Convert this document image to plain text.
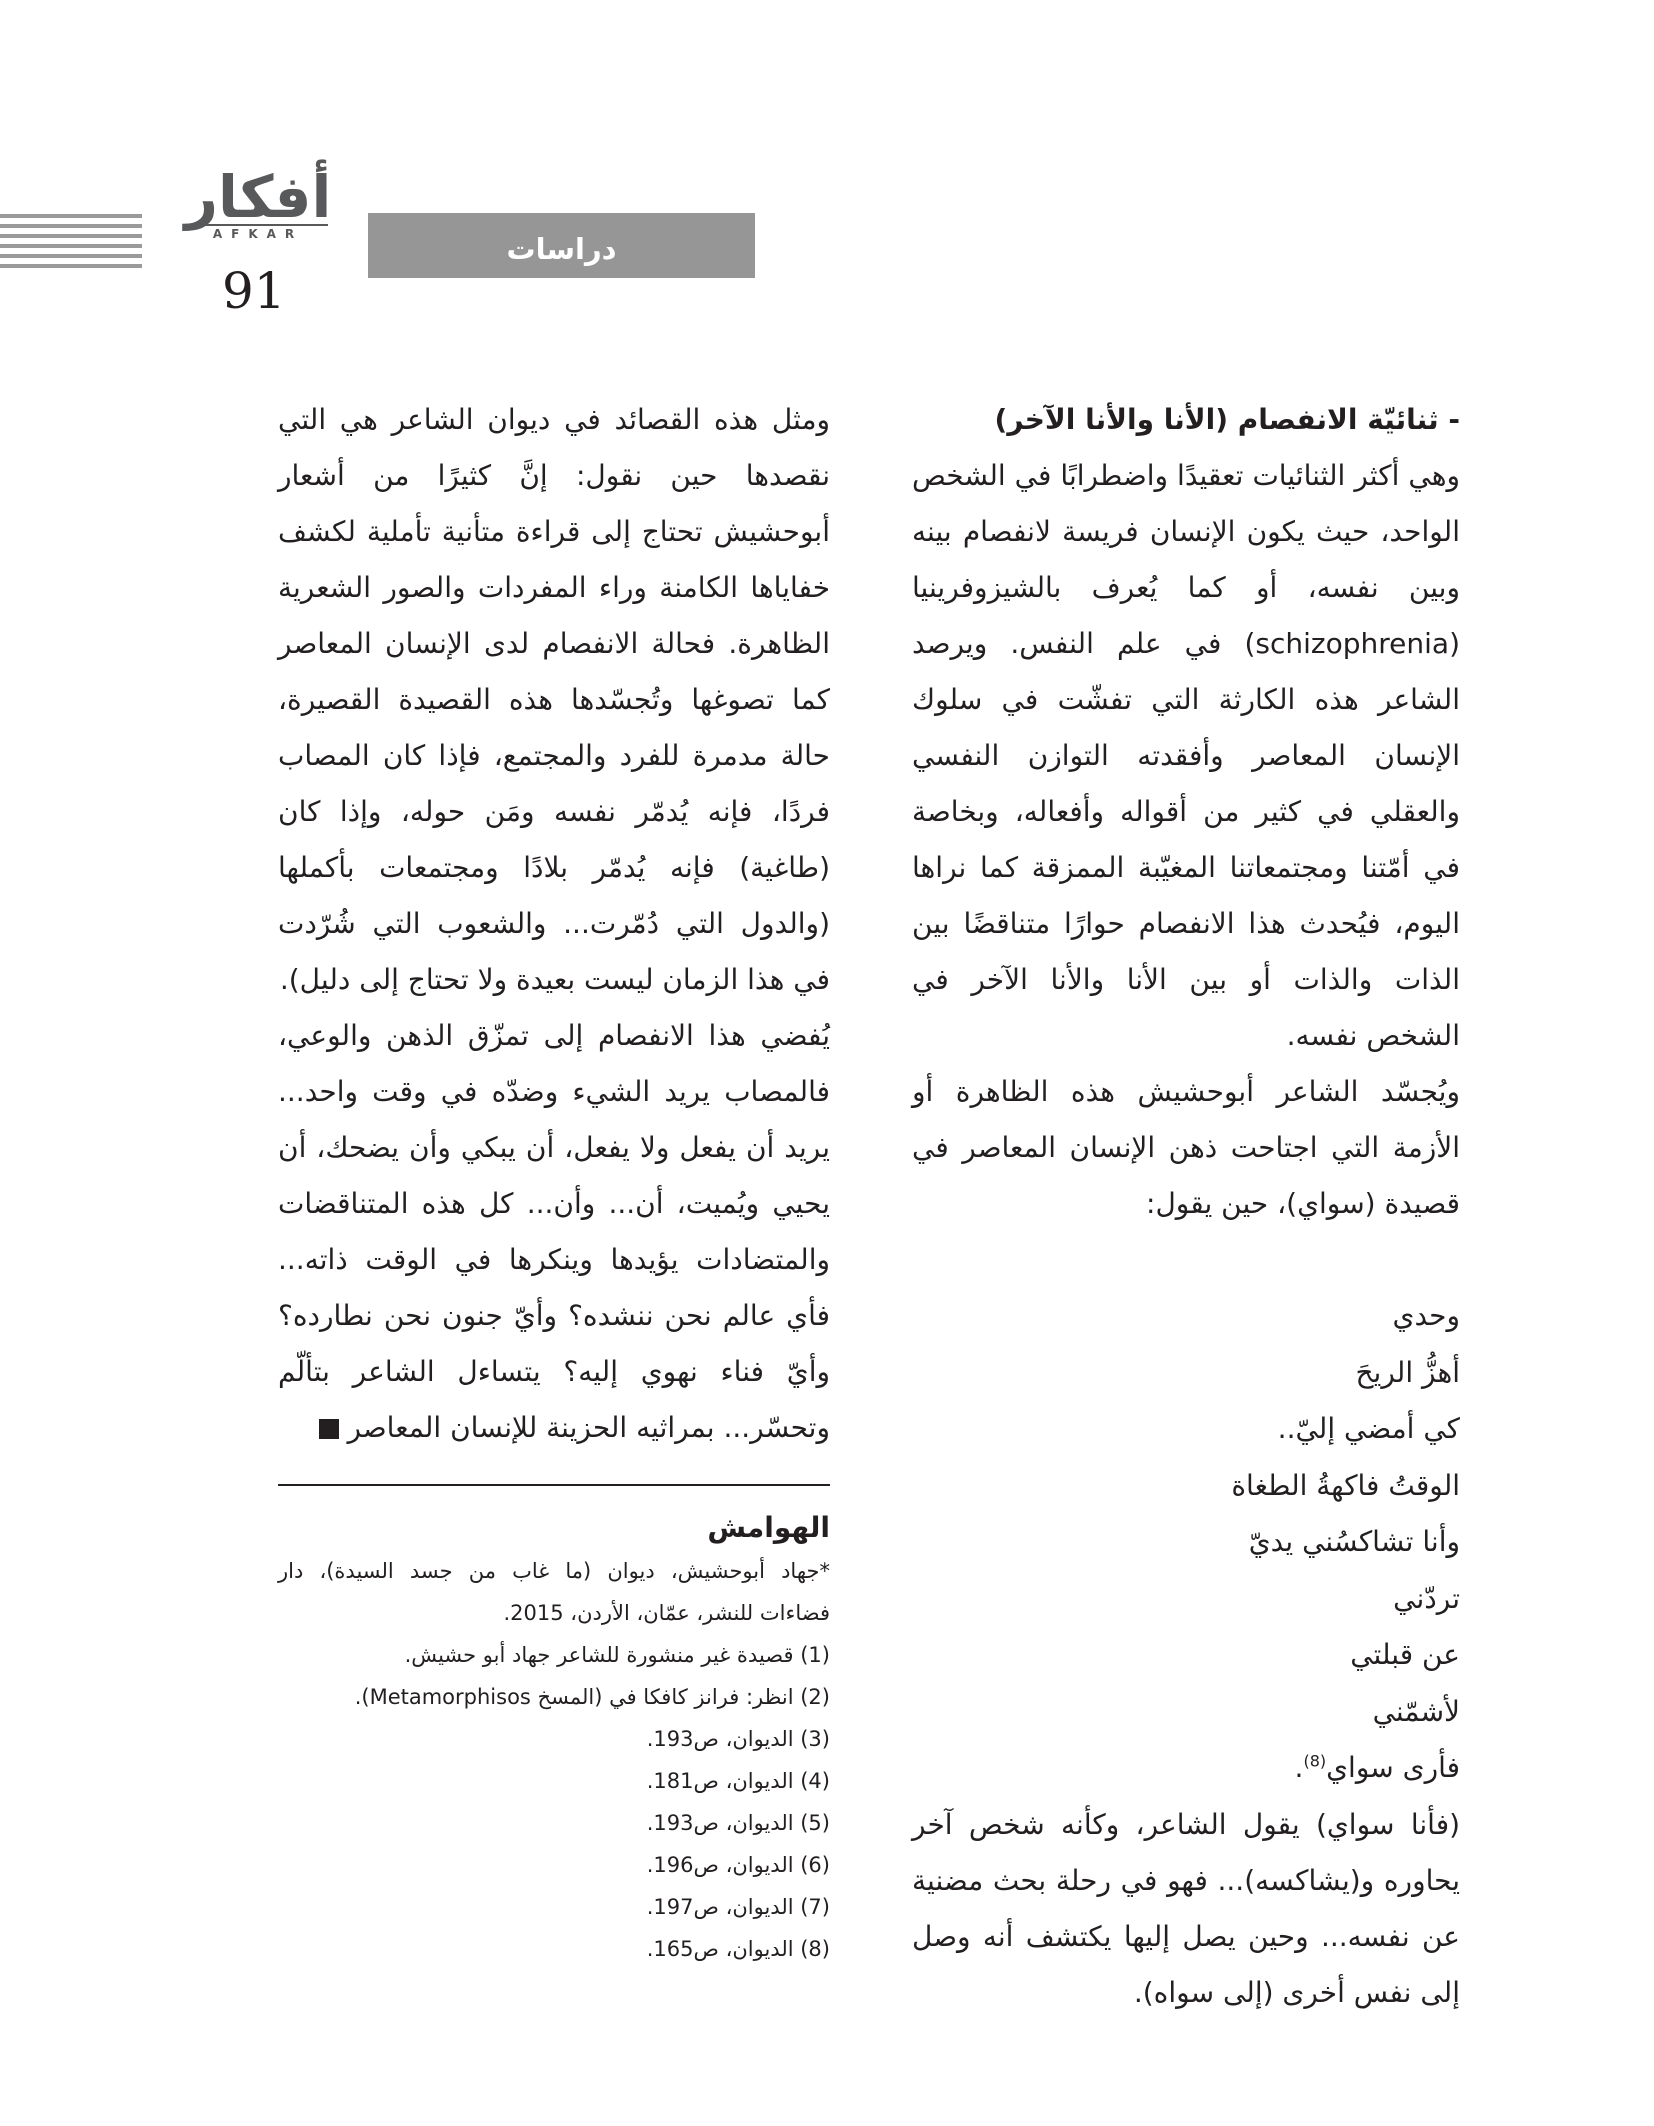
أفكار
AFKAR
91
دراسات

- ثنائيّة الانفصام (الأنا والأنا الآخر)

وهي أكثر الثنائيات تعقيدًا واضطرابًا في الشخص الواحد، حيث يكون الإنسان فريسة لانفصام بينه وبين نفسه، أو كما يُعرف بالشيزوفرينيا (schizophrenia) في علم النفس. ويرصد الشاعر هذه الكارثة التي تفشّت في سلوك الإنسان المعاصر وأفقدته التوازن النفسي والعقلي في كثير من أقواله وأفعاله، وبخاصة في أمّتنا ومجتمعاتنا المغيّبة الممزقة كما نراها اليوم، فيُحدث هذا الانفصام حوارًا متناقضًا بين الذات والذات أو بين الأنا والأنا الآخر في الشخص نفسه.

ويُجسّد الشاعر أبوحشيش هذه الظاهرة أو الأزمة التي اجتاحت ذهن الإنسان المعاصر في قصيدة (سواي)، حين يقول:

وحدي
أهزُّ الريحَ
كي أمضي إليّ..
الوقتُ فاكهةُ الطغاة
وأنا تشاكسُني يديّ
تردّني
عن قبلتي
لأشمّني
فأرى سواي$^{(8)}$.

(فأنا سواي) يقول الشاعر، وكأنه شخص آخر يحاوره و(يشاكسه)... فهو في رحلة بحث مضنية عن نفسه... وحين يصل إليها يكتشف أنه وصل إلى نفس أخرى (إلى سواه).

ومثل هذه القصائد في ديوان الشاعر هي التي نقصدها حين نقول: إنَّ كثيرًا من أشعار أبوحشيش تحتاج إلى قراءة متأنية تأملية لكشف خفاياها الكامنة وراء المفردات والصور الشعرية الظاهرة. فحالة الانفصام لدى الإنسان المعاصر كما تصوغها وتُجسّدها هذه القصيدة القصيرة، حالة مدمرة للفرد والمجتمع، فإذا كان المصاب فردًا، فإنه يُدمّر نفسه ومَن حوله، وإذا كان (طاغية) فإنه يُدمّر بلادًا ومجتمعات بأكملها (والدول التي دُمّرت... والشعوب التي شُرّدت في هذا الزمان ليست بعيدة ولا تحتاج إلى دليل).

يُفضي هذا الانفصام إلى تمزّق الذهن والوعي، فالمصاب يريد الشيء وضدّه في وقت واحد... يريد أن يفعل ولا يفعل، أن يبكي وأن يضحك، أن يحيي ويُميت، أن... وأن... كل هذه المتناقضات والمتضادات يؤيدها وينكرها في الوقت ذاته... فأي عالم نحن ننشده؟ وأيّ جنون نحن نطارده؟ وأيّ فناء نهوي إليه؟ يتساءل الشاعر بتألّم وتحسّر... بمراثيه الحزينة للإنسان المعاصر

الهوامش

*جهاد أبوحشيش، ديوان (ما غاب من جسد السيدة)، دار فضاءات للنشر، عمّان، الأردن، 2015.
(1) قصيدة غير منشورة للشاعر جهاد أبو حشيش.
(2) انظر: فرانز كافكا في (المسخ Metamorphisos).
(3) الديوان، ص193.
(4) الديوان، ص181.
(5) الديوان، ص193.
(6) الديوان، ص196.
(7) الديوان، ص197.
(8) الديوان، ص165.
